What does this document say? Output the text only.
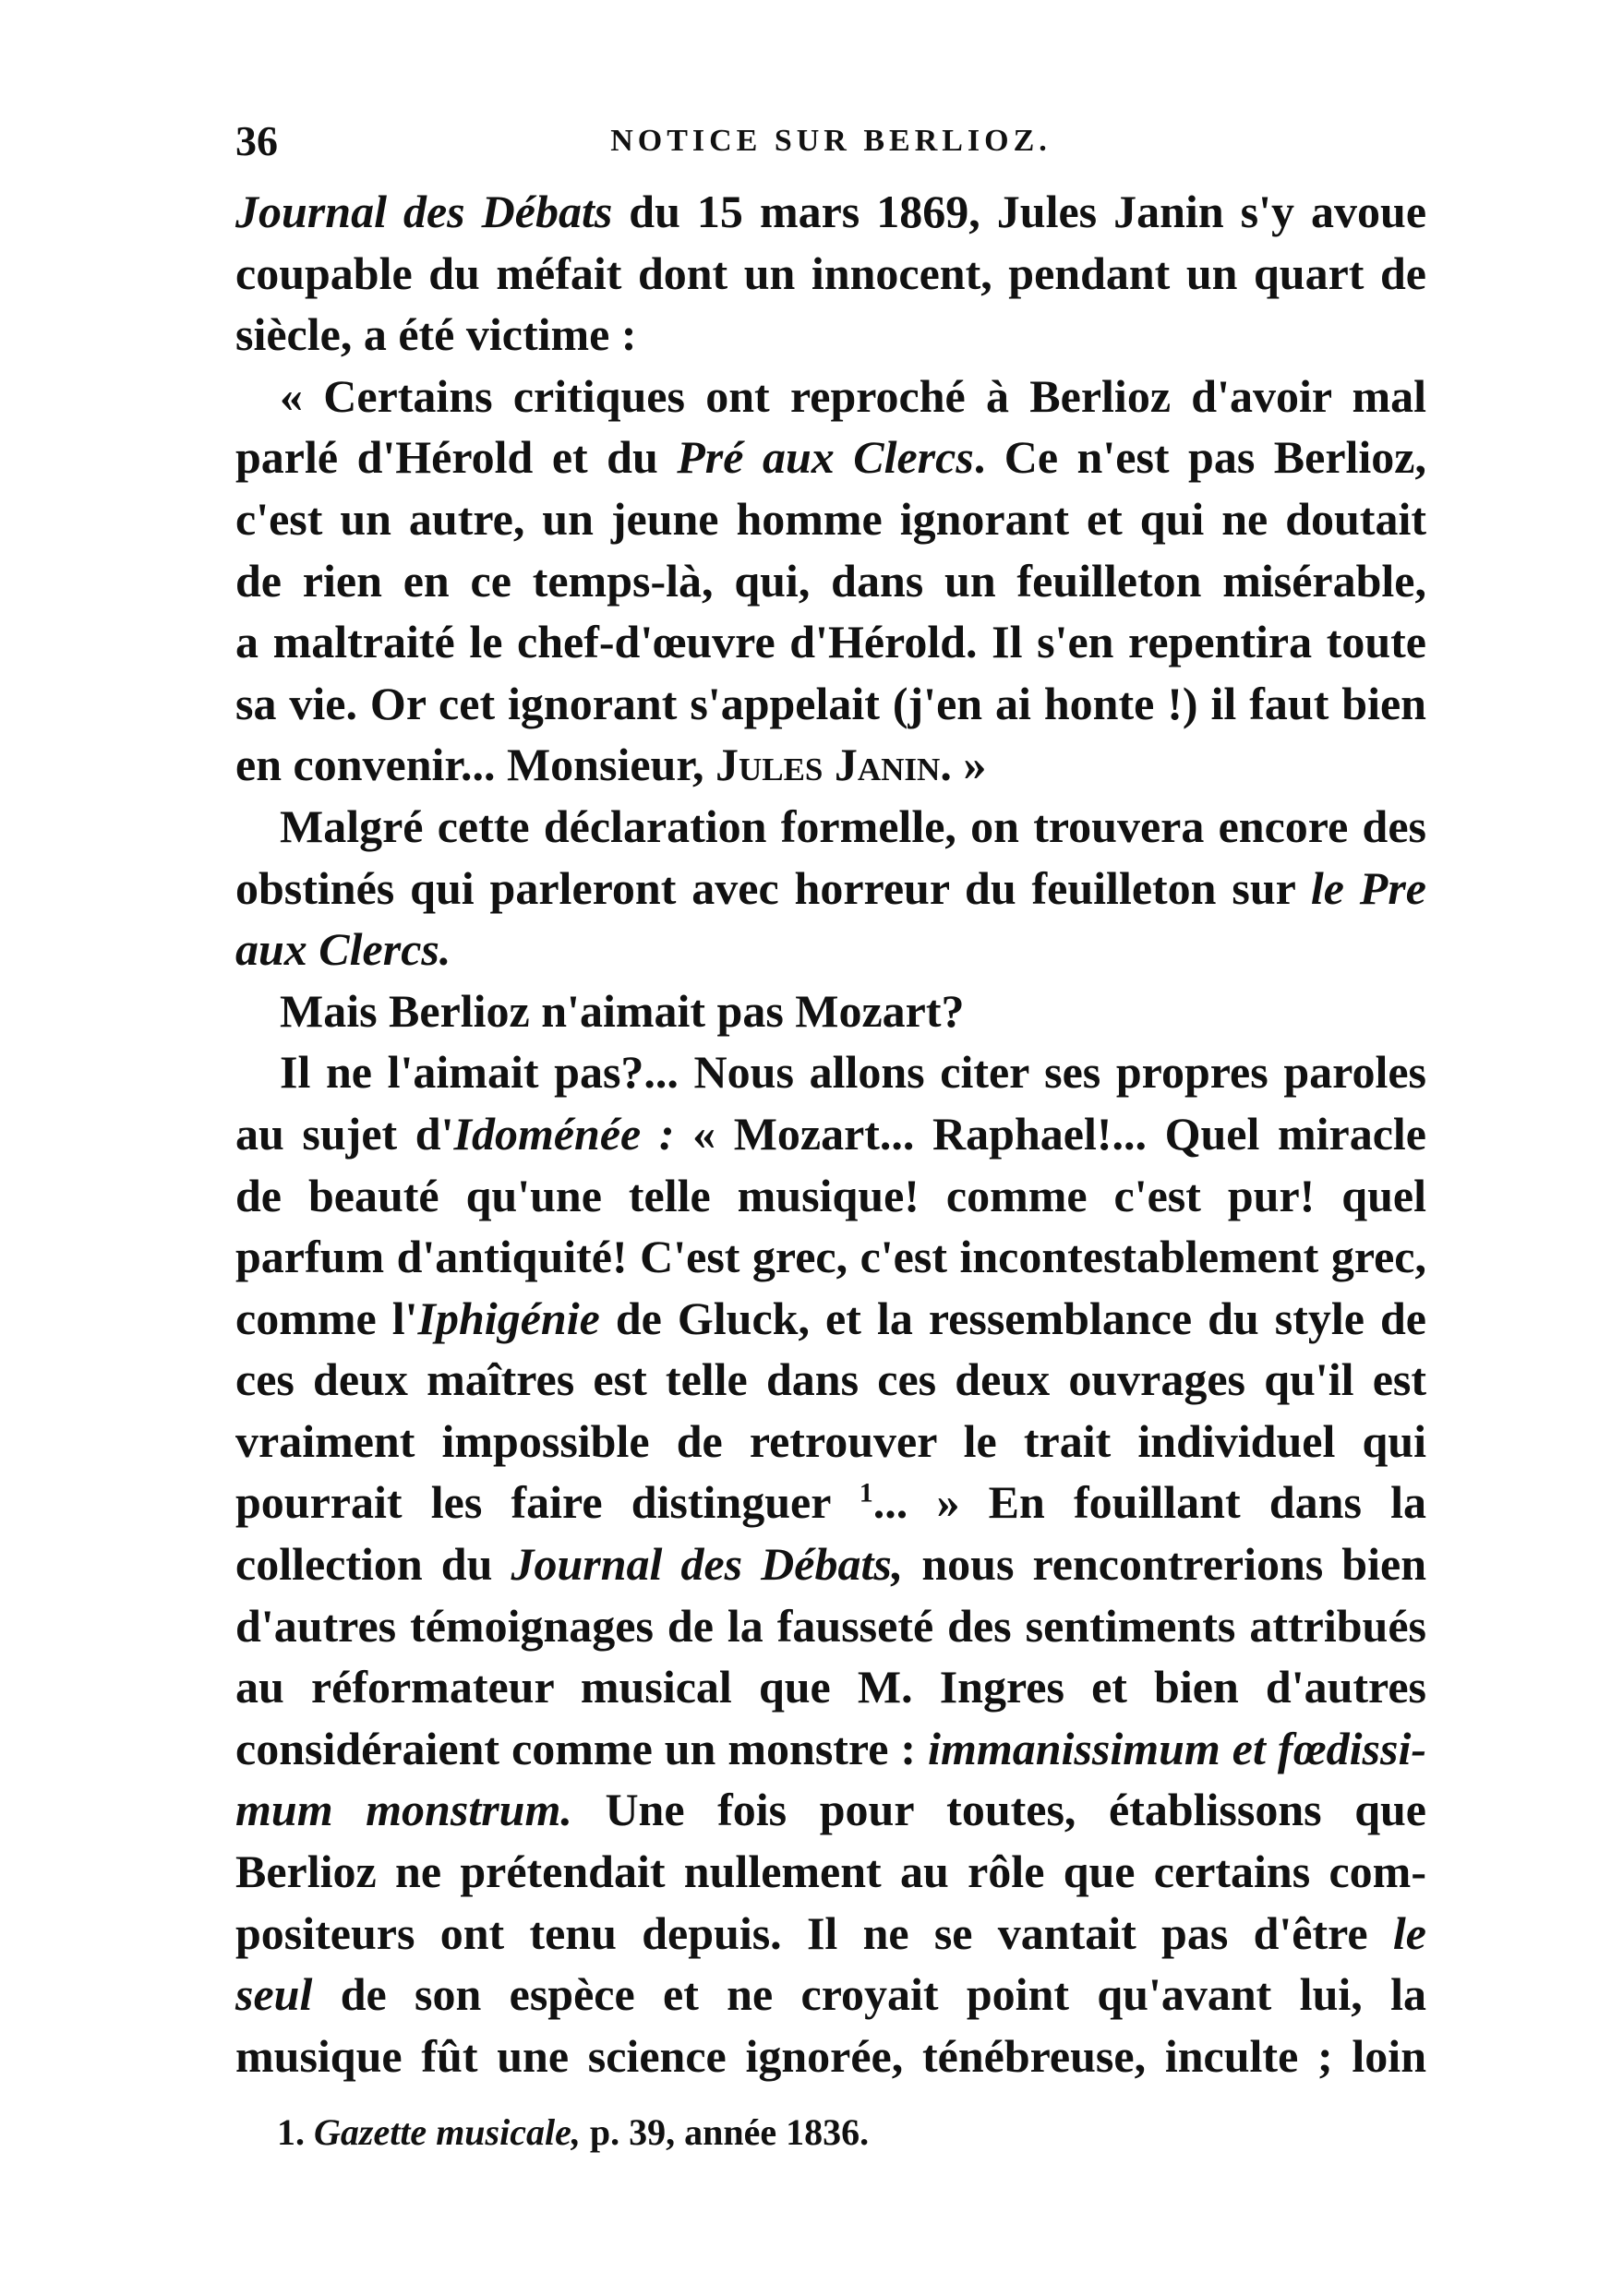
36	NOTICE SUR BERLIOZ.
Journal des Débats du 15 mars 1869, Jules Janin s'y avoue
coupable du méfait dont un innocent, pendant un quart de
siècle, a été victime :
« Certains critiques ont reproché à Berlioz d'avoir mal
parlé d'Hérold et du Pré aux Clercs. Ce n'est pas Berlioz,
c'est un autre, un jeune homme ignorant et qui ne doutait
de rien en ce temps-là, qui, dans un feuilleton misérable,
a maltraité le chef-d'œuvre d'Hérold. Il s'en repentira toute
sa vie. Or cet ignorant s'appelait (j'en ai honte !) il faut bien
en convenir... Monsieur, Jules Janin. »
Malgré cette déclaration formelle, on trouvera encore des
obstinés qui parleront avec horreur du feuilleton sur le Pre
aux Clercs.
Mais Berlioz n'aimait pas Mozart?
Il ne l'aimait pas?... Nous allons citer ses propres paroles
au sujet d'Idoménée : « Mozart... Raphael!... Quel miracle
de beauté qu'une telle musique! comme c'est pur! quel
parfum d'antiquité! C'est grec, c'est incontestablement grec,
comme l'Iphigénie de Gluck, et la ressemblance du style de
ces deux maîtres est telle dans ces deux ouvrages qu'il est
vraiment impossible de retrouver le trait individuel qui
pourrait les faire distinguer $^1$... » En fouillant dans la
collection du Journal des Débats, nous rencontrerions bien
d'autres témoignages de la fausseté des sentiments attribués
au réformateur musical que M. Ingres et bien d'autres
considéraient comme un monstre : immanissimum et fœdissi-
mum monstrum. Une fois pour toutes, établissons que
Berlioz ne prétendait nullement au rôle que certains com-
positeurs ont tenu depuis. Il ne se vantait pas d'être le
seul de son espèce et ne croyait point qu'avant lui, la
musique fût une science ignorée, ténébreuse, inculte ; loin
1. Gazette musicale, p. 39, année 1836.
